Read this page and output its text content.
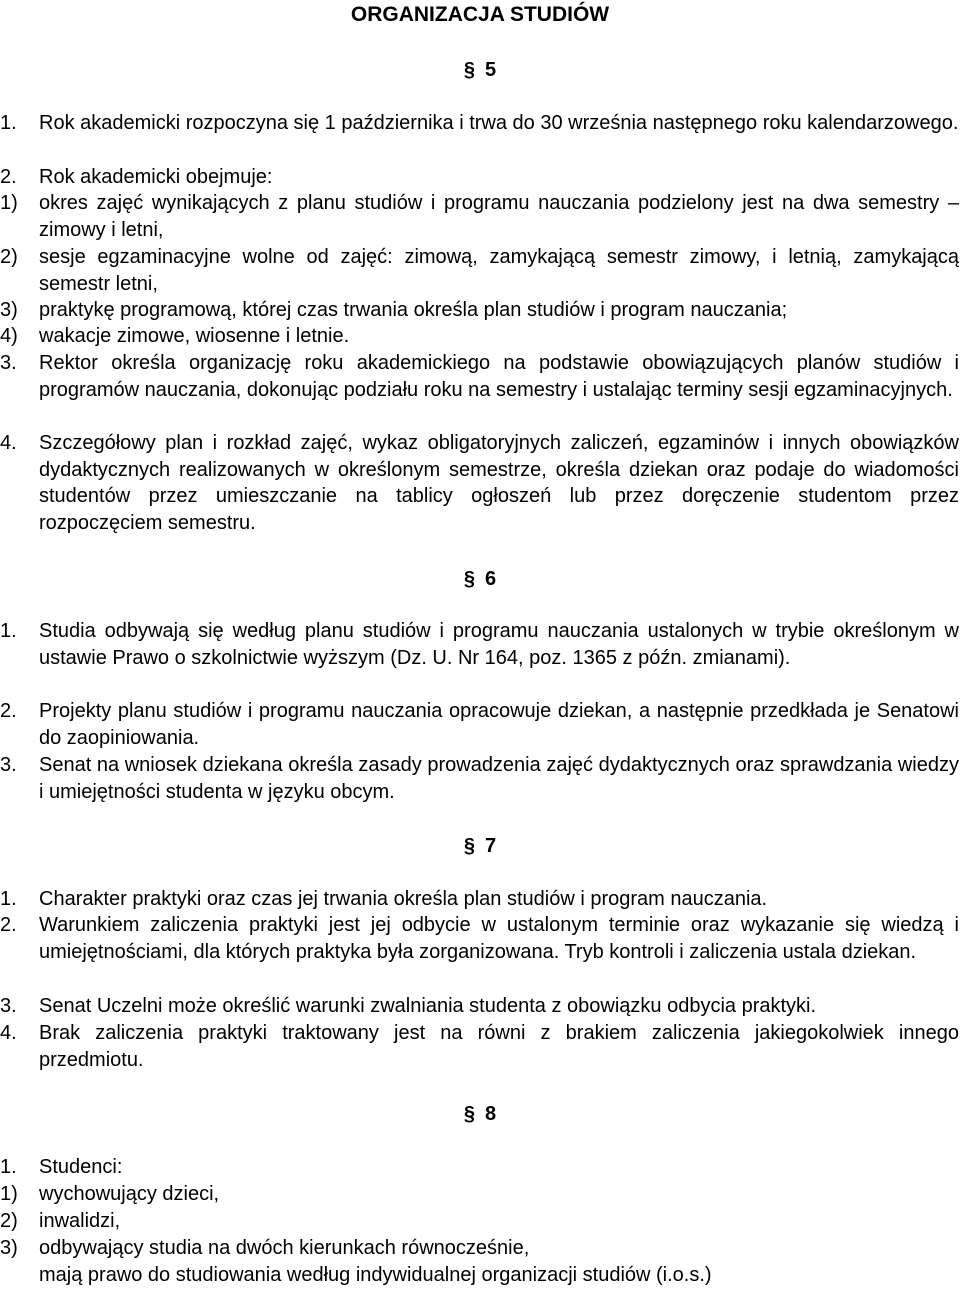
ORGANIZACJA STUDIÓW
§ 5
1. Rok akademicki rozpoczyna się 1 października i trwa do 30 września następnego roku kalendarzowego.
2. Rok akademicki obejmuje:
1) okres zajęć wynikających z planu studiów i programu nauczania podzielony jest na dwa semestry – zimowy i letni,
2) sesje egzaminacyjne wolne od zajęć: zimową, zamykającą semestr zimowy, i letnią, zamykającą semestr letni,
3) praktykę programową, której czas trwania określa plan studiów i program nauczania;
4) wakacje zimowe, wiosenne i letnie.
3. Rektor określa organizację roku akademickiego na podstawie obowiązujących planów studiów i programów nauczania, dokonując podziału roku na semestry i ustalając terminy sesji egzaminacyjnych.
4. Szczegółowy plan i rozkład zajęć, wykaz obligatoryjnych zaliczeń, egzaminów i innych obowiązków dydaktycznych realizowanych w określonym semestrze, określa dziekan oraz podaje do wiadomości studentów przez umieszczanie na tablicy ogłoszeń lub przez doręczenie studentom przez rozpoczęciem semestru.
§ 6
1. Studia odbywają się według planu studiów i programu nauczania ustalonych w trybie określonym w ustawie Prawo o szkolnictwie wyższym (Dz. U. Nr 164, poz. 1365 z późn. zmianami).
2. Projekty planu studiów i programu nauczania opracowuje dziekan, a następnie przedkłada je Senatowi do zaopiniowania.
3. Senat na wniosek dziekana określa zasady prowadzenia zajęć dydaktycznych oraz sprawdzania wiedzy i umiejętności studenta w języku obcym.
§ 7
1. Charakter praktyki oraz czas jej trwania określa plan studiów i program nauczania.
2. Warunkiem zaliczenia praktyki jest jej odbycie w ustalonym terminie oraz wykazanie się wiedzą i umiejętnościami, dla których praktyka była zorganizowana. Tryb kontroli i zaliczenia ustala dziekan.
3. Senat Uczelni może określić warunki zwalniania studenta z obowiązku odbycia praktyki.
4. Brak zaliczenia praktyki traktowany jest na równi z brakiem zaliczenia jakiegokolwiek innego przedmiotu.
§ 8
1. Studenci:
1) wychowujący dzieci,
2) inwalidzi,
3) odbywający studia na dwóch kierunkach równocześnie,
mają prawo do studiowania według indywidualnej organizacji studiów (i.o.s.)
